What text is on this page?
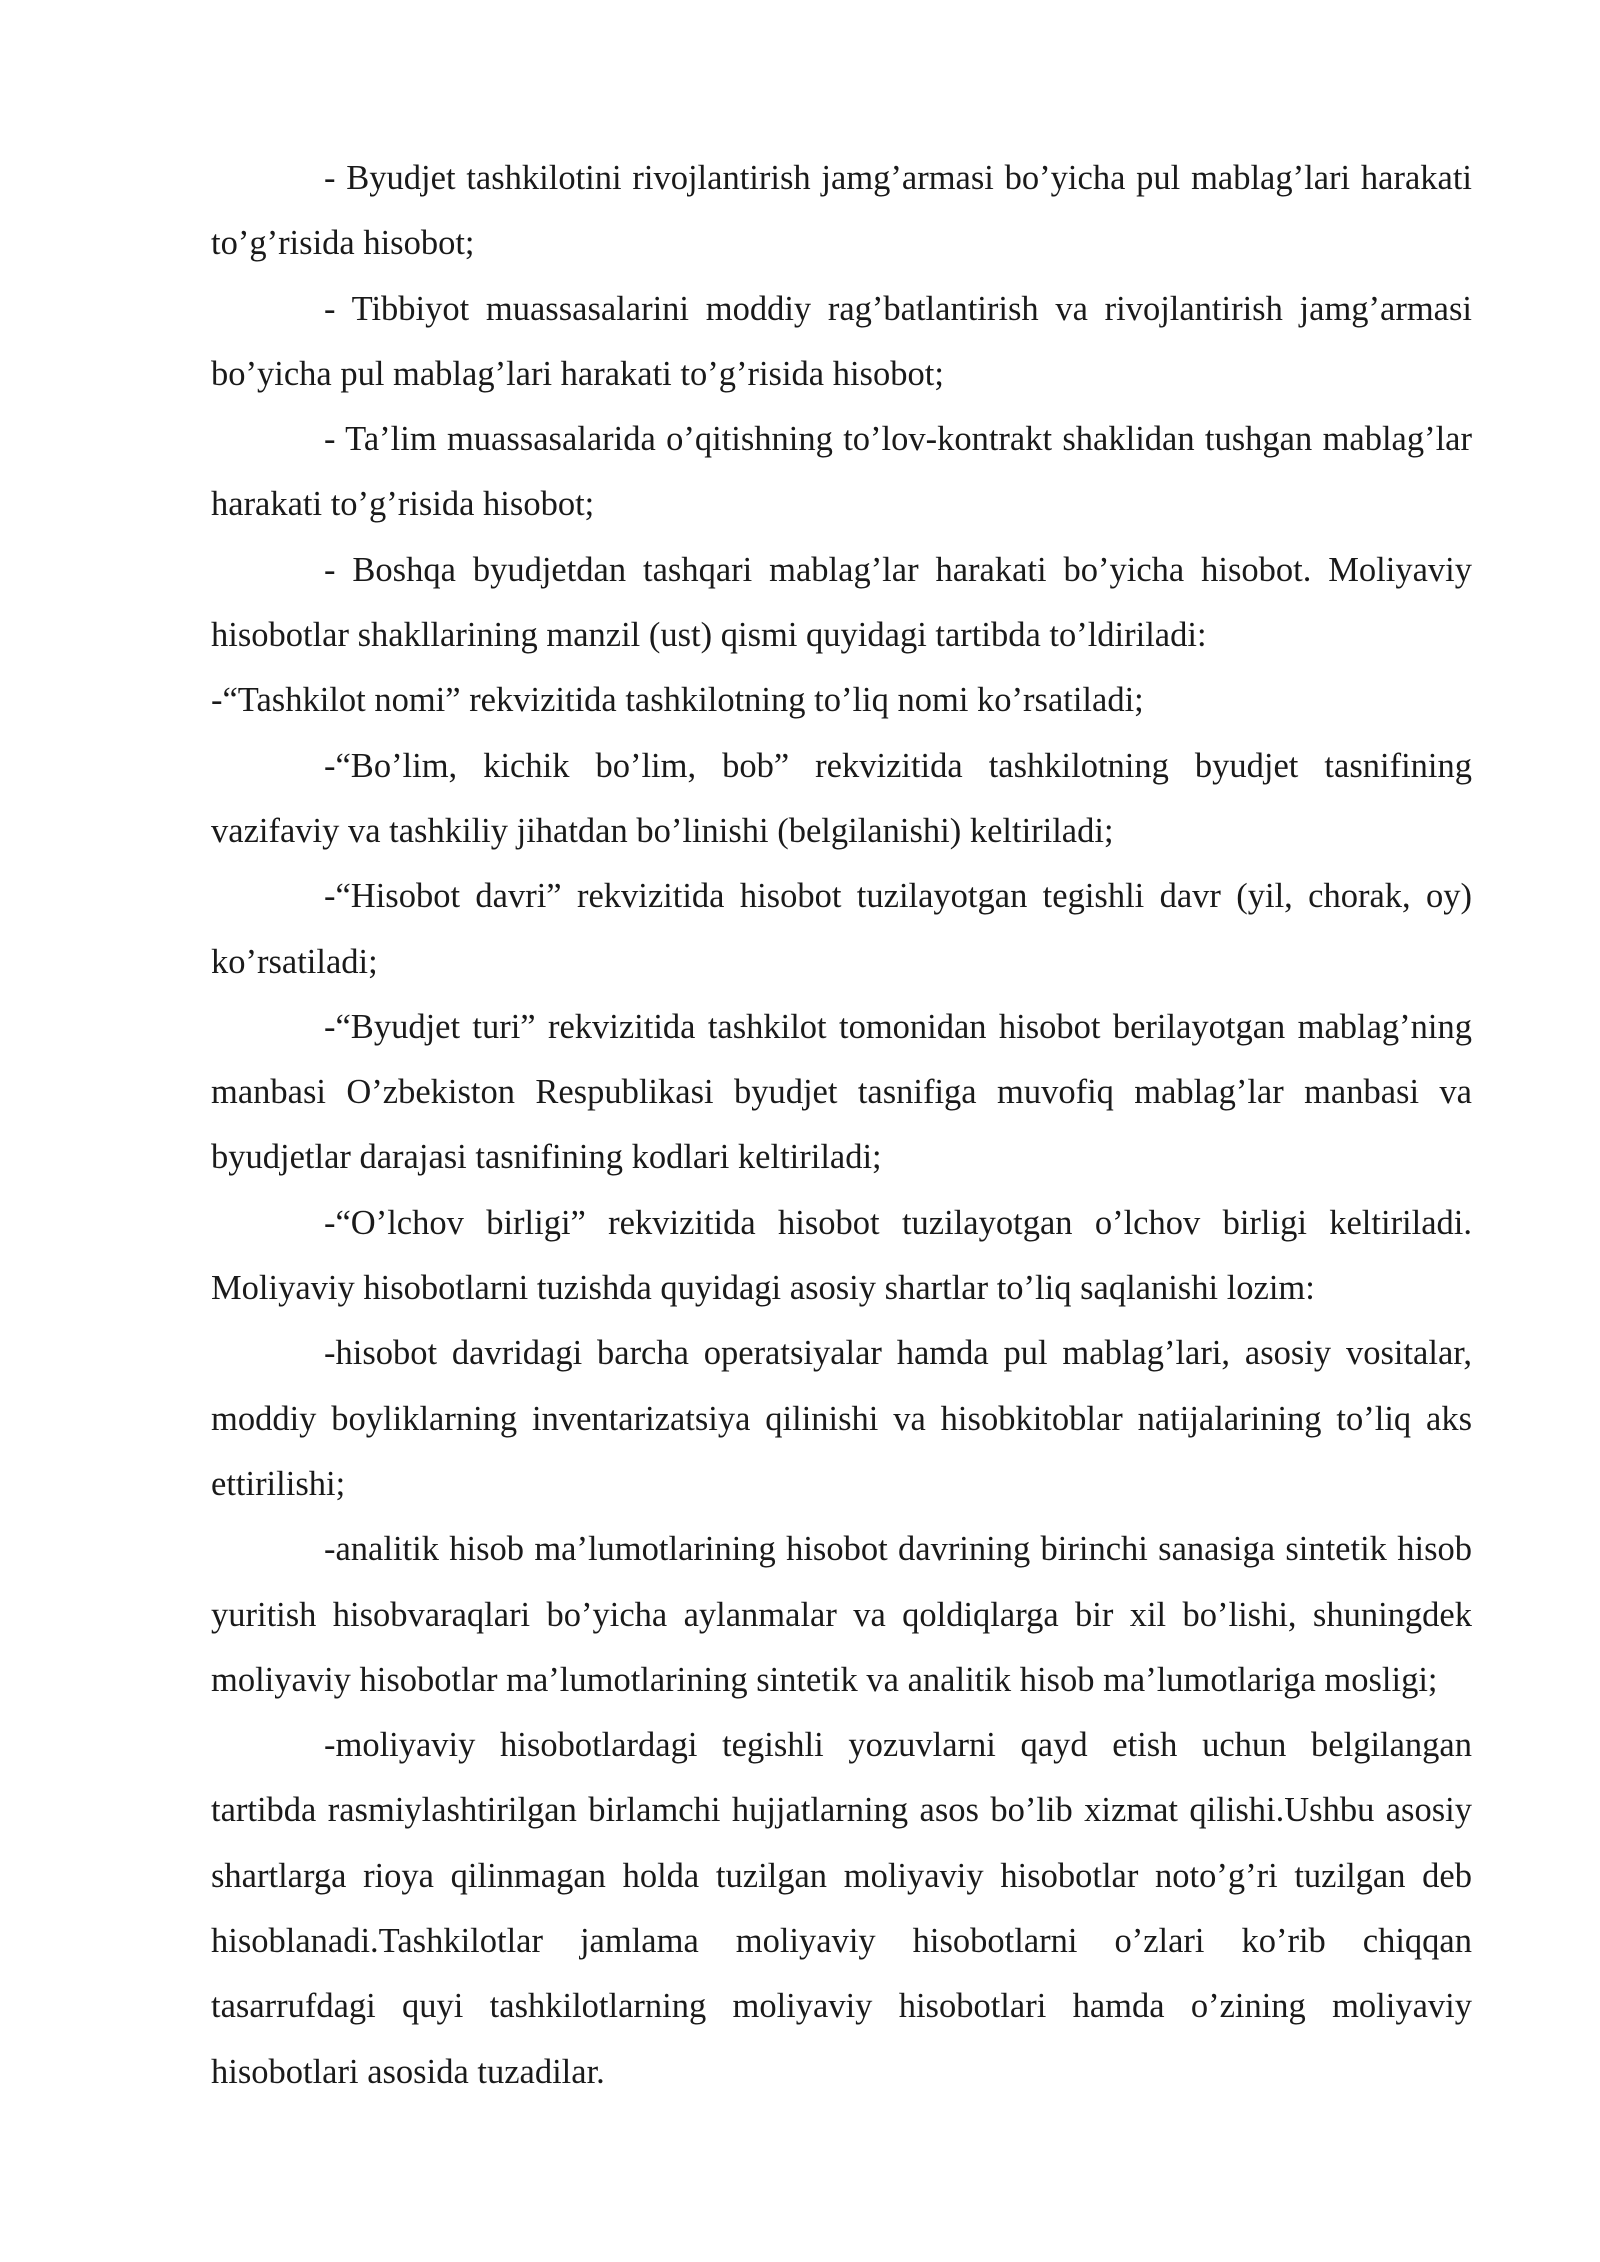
- Byudjet tashkilotini rivojlantirish jamg’armasi bo’yicha pul mablag’lari harakati to’g’risida hisobot;

- Tibbiyot muassasalarini moddiy rag’batlantirish va rivojlantirish jamg’armasi bo’yicha pul mablag’lari harakati to’g’risida hisobot;

- Ta’lim muassasalarida o’qitishning to’lov-kontrakt shaklidan tushgan mablag’lar harakati to’g’risida hisobot;

- Boshqa byudjetdan tashqari mablag’lar harakati bo’yicha hisobot. Moliyaviy hisobotlar shakllarining manzil (ust) qismi quyidagi tartibda to’ldiriladi:

-“Tashkilot nomi” rekvizitida tashkilotning to’liq nomi ko’rsatiladi;

-“Bo’lim, kichik bo’lim, bob” rekvizitida tashkilotning byudjet tasnifining vazifaviy va tashkiliy jihatdan bo’linishi (belgilanishi) keltiriladi;

-“Hisobot davri” rekvizitida hisobot tuzilayotgan tegishli davr (yil, chorak, oy) ko’rsatiladi;

-“Byudjet turi” rekvizitida tashkilot tomonidan hisobot berilayotgan mablag’ning manbasi O’zbekiston Respublikasi byudjet tasnifiga muvofiq mablag’lar manbasi va byudjetlar darajasi tasnifining kodlari keltiriladi;

-“O’lchov birligi” rekvizitida hisobot tuzilayotgan o’lchov birligi keltiriladi. Moliyaviy hisobotlarni tuzishda quyidagi asosiy shartlar to’liq saqlanishi lozim:

-hisobot davridagi barcha operatsiyalar hamda pul mablag’lari, asosiy vositalar, moddiy boyliklarning inventarizatsiya qilinishi va hisobkitoblar natijalarining to’liq aks ettirilishi;

-analitik hisob ma’lumotlarining hisobot davrining birinchi sanasiga sintetik hisob yuritish hisobvaraqlari bo’yicha aylanmalar va qoldiqlarga bir xil bo’lishi, shuningdek moliyaviy hisobotlar ma’lumotlarining sintetik va analitik hisob ma’lumotlariga mosligi;

-moliyaviy hisobotlardagi tegishli yozuvlarni qayd etish uchun belgilangan tartibda rasmiylashtirilgan birlamchi hujjatlarning asos bo’lib xizmat qilishi.Ushbu asosiy shartlarga rioya qilinmagan holda tuzilgan moliyaviy hisobotlar noto’g’ri tuzilgan deb hisoblanadi.Tashkilotlar jamlama moliyaviy hisobotlarni o’zlari ko’rib chiqqan tasarrufdagi quyi tashkilotlarning moliyaviy hisobotlari hamda o’zining moliyaviy hisobotlari asosida tuzadilar.
